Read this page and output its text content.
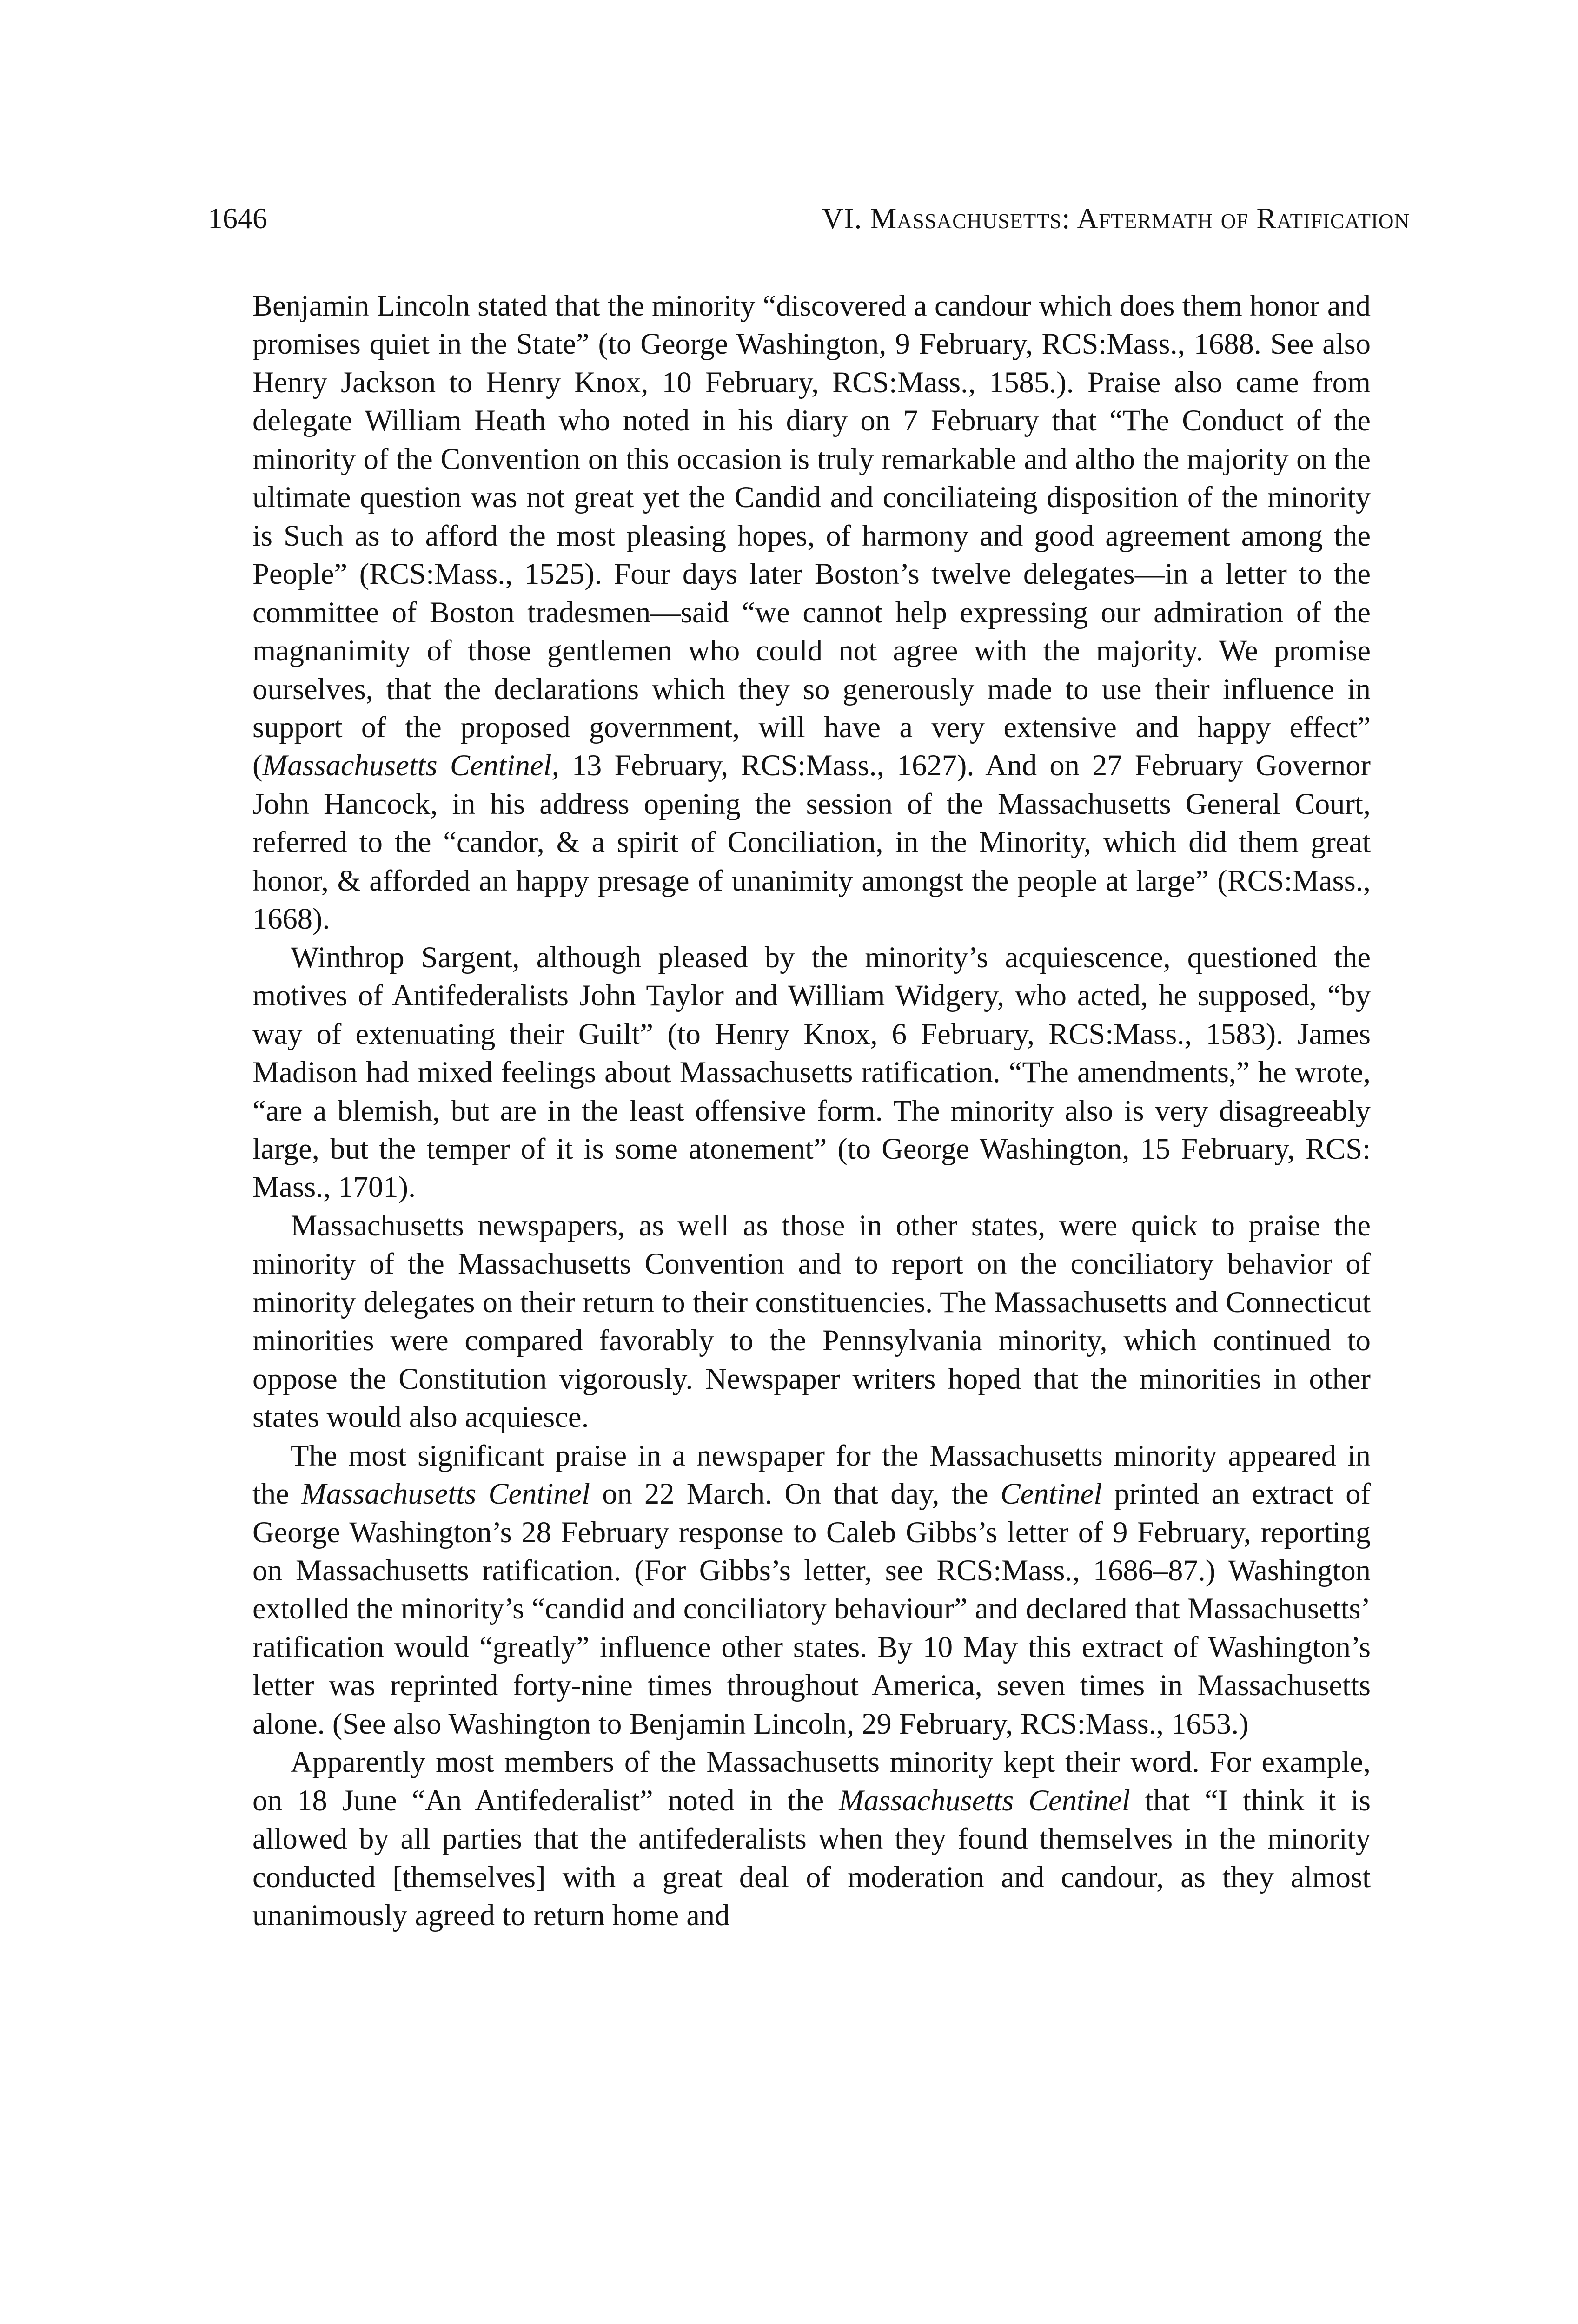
1646	VI. Massachusetts: Aftermath of Ratification

Benjamin Lincoln stated that the minority “discovered a candour which does them honor and promises quiet in the State” (to George Washington, 9 February, RCS:Mass., 1688. See also Henry Jackson to Henry Knox, 10 February, RCS:Mass., 1585.). Praise also came from delegate William Heath who noted in his diary on 7 February that “The Conduct of the minority of the Convention on this occasion is truly remarkable and altho the majority on the ultimate question was not great yet the Candid and conciliateing disposition of the minority is Such as to afford the most pleasing hopes, of harmony and good agreement among the People” (RCS:Mass., 1525). Four days later Boston’s twelve delegates—in a letter to the committee of Boston tradesmen—said “we cannot help expressing our admiration of the magnanimity of those gentlemen who could not agree with the majority. We promise ourselves, that the declarations which they so generously made to use their influence in support of the proposed government, will have a very extensive and happy effect” (Massachusetts Centinel, 13 February, RCS:Mass., 1627). And on 27 February Governor John Hancock, in his address opening the session of the Massachusetts General Court, referred to the “candor, & a spirit of Conciliation, in the Minority, which did them great honor, & afforded an happy presage of unanimity amongst the people at large” (RCS:Mass., 1668).

Winthrop Sargent, although pleased by the minority’s acquiescence, questioned the motives of Antifederalists John Taylor and William Widgery, who acted, he supposed, “by way of extenuating their Guilt” (to Henry Knox, 6 February, RCS:Mass., 1583). James Madison had mixed feelings about Massachusetts ratification. “The amendments,” he wrote, “are a blemish, but are in the least offensive form. The minority also is very disagreeably large, but the temper of it is some atonement” (to George Washington, 15 February, RCS:​Mass., 1701).

Massachusetts newspapers, as well as those in other states, were quick to praise the minority of the Massachusetts Convention and to report on the conciliatory behavior of minority delegates on their return to their constituencies. The Massachusetts and Connecticut minorities were compared favorably to the Pennsylvania minority, which continued to oppose the Constitution vigorously. Newspaper writers hoped that the minorities in other states would also acquiesce.

The most significant praise in a newspaper for the Massachusetts minority appeared in the Massachusetts Centinel on 22 March. On that day, the Centinel printed an extract of George Washington’s 28 February response to Caleb Gibbs’s letter of 9 February, reporting on Massachusetts ratification. (For Gibbs’s letter, see RCS:Mass., 1686–87.) Washington extolled the minority’s “candid and conciliatory behaviour” and declared that Massachusetts’ ratification would “greatly” influence other states. By 10 May this extract of Washington’s letter was reprinted forty-nine times throughout America, seven times in Massachusetts alone. (See also Washington to Benjamin Lincoln, 29 February, RCS:Mass., 1653.)

Apparently most members of the Massachusetts minority kept their word. For example, on 18 June “An Antifederalist” noted in the Massachusetts Centinel that “I think it is allowed by all parties that the antifederalists when they found themselves in the minority conducted [themselves] with a great deal of moderation and candour, as they almost unanimously agreed to return home and
